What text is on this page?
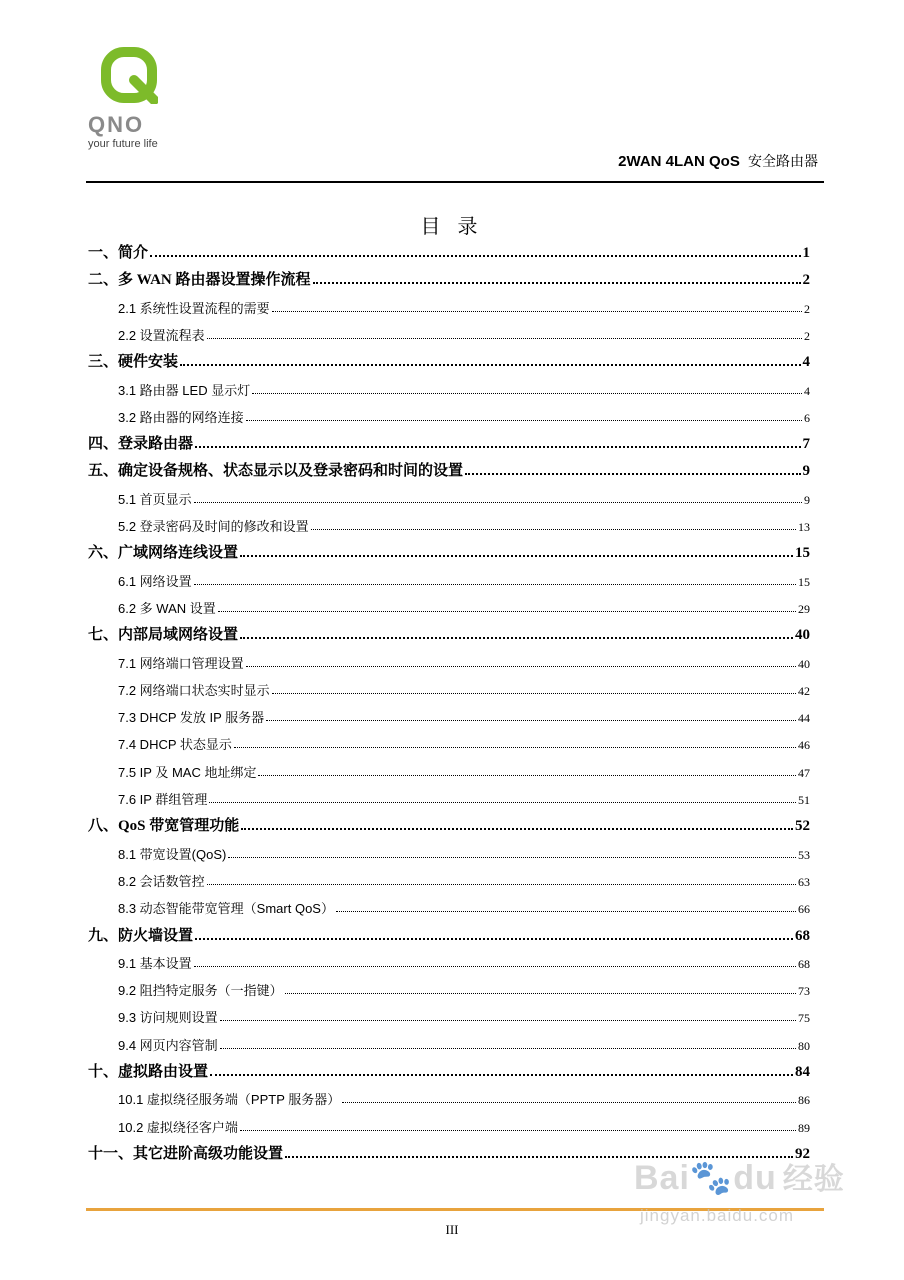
QNO
your future life
2WAN 4LAN QoS 安全路由器
目 录
一、简介	1
二、多 WAN 路由器设置操作流程	2
2.1 系统性设置流程的需要	2
2.2 设置流程表	2
三、硬件安装	4
3.1 路由器 LED 显示灯	4
3.2 路由器的网络连接	6
四、登录路由器	7
五、确定设备规格、状态显示以及登录密码和时间的设置	9
5.1 首页显示	9
5.2 登录密码及时间的修改和设置	13
六、广域网络连线设置	15
6.1 网络设置	15
6.2 多 WAN 设置	29
七、内部局域网络设置	40
7.1 网络端口管理设置	40
7.2 网络端口状态实时显示	42
7.3 DHCP 发放 IP 服务器	44
7.4 DHCP 状态显示	46
7.5 IP 及 MAC 地址绑定	47
7.6 IP 群组管理	51
八、QoS 带宽管理功能	52
8.1 带宽设置(QoS)	53
8.2 会话数管控	63
8.3 动态智能带宽管理（Smart QoS）	66
九、防火墙设置	68
9.1 基本设置	68
9.2 阻挡特定服务（一指键）	73
9.3 访问规则设置	75
9.4 网页内容管制	80
十、虚拟路由设置	84
10.1 虚拟绕径服务端（PPTP 服务器）	86
10.2 虚拟绕径客户端	89
十一、其它进阶高级功能设置	92
III
Bai🐾du 经验
jingyan.baidu.com
